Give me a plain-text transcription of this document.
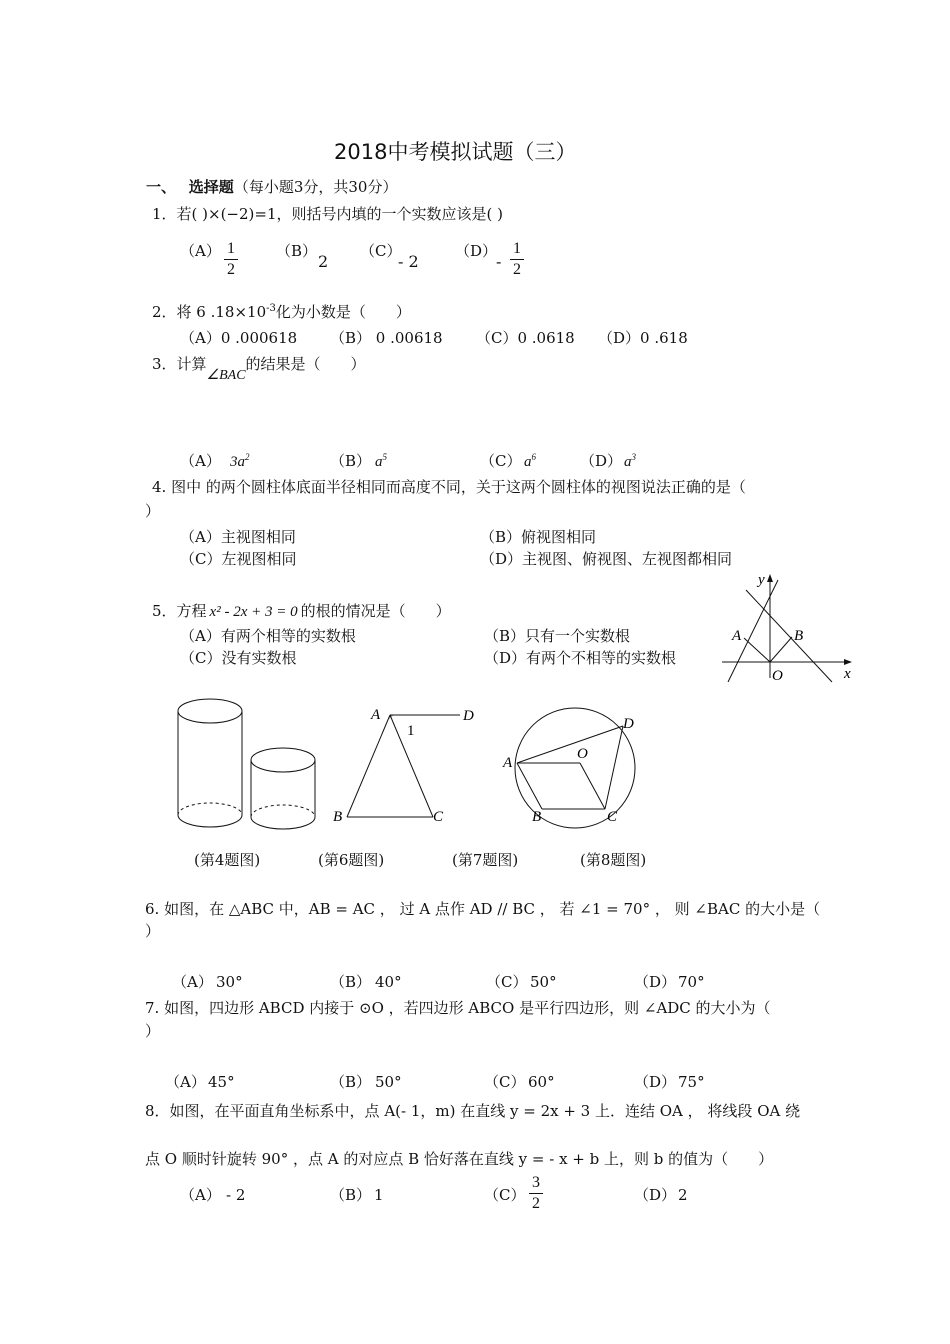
2018中考模拟试题（三）
一、 选择题（每小题3分，共30分）
1．若( )×(−2)=1，则括号内填的一个实数应该是( )
（A） 1
2
（B）
2
（C）
- 2
（D）
-
1
2
2．将 6 $.18\times 10^{-3}$化为小数是（　　）
（A）0 .000618 （B） 0 .00618 （C）0 .0618 （D）0 .618
3．计算∠BAC的结果是（　　）
（A） $3a^2$	（B） $a^5$	（C） $a^6$	（D） $a^3$
4. 图中 的两个圆柱体底面半径相同而高度不同，关于这两个圆柱体的视图说法正确的是（
）
（A）主视图相同	（B）俯视图相同
（C）左视图相同	（D）主视图、俯视图、左视图都相同
5．方程 x² - 2x + 3 = 0 的根的情况是（　　）
（A）有两个相等的实数根	（B）只有一个实数根
（C）没有实数根	（D）有两个不相等的实数根
y
x
A	B
O
A	D
B	C
1
A
B	C
D
O
(第4题图)	(第6题图)	(第7题图)	(第8题图)
6. 如图，在 △ABC 中，AB = AC ， 过 A 点作 AD // BC ， 若 ∠1 = 70° ， 则 ∠BAC 的大小是（
）
（A） 30°	（B） 40°	（C） 50°	（D） 70°
7. 如图，四边形 ABCD 内接于 ⊙O ，若四边形 ABCO 是平行四边形，则 ∠ADC 的大小为（
）
（A） 45°	（B） 50°	（C） 60°	（D） 75°
8．如图，在平面直角坐标系中，点 A(- 1，m) 在直线 y = 2x + 3 上．连结 OA ， 将线段 OA 绕
点 O 顺时针旋转 90° ，点 A 的对应点 B 恰好落在直线 y = - x + b 上，则 b 的值为（　　）
（A） - 2	（B） 1	（C）
3
2	（D） 2
